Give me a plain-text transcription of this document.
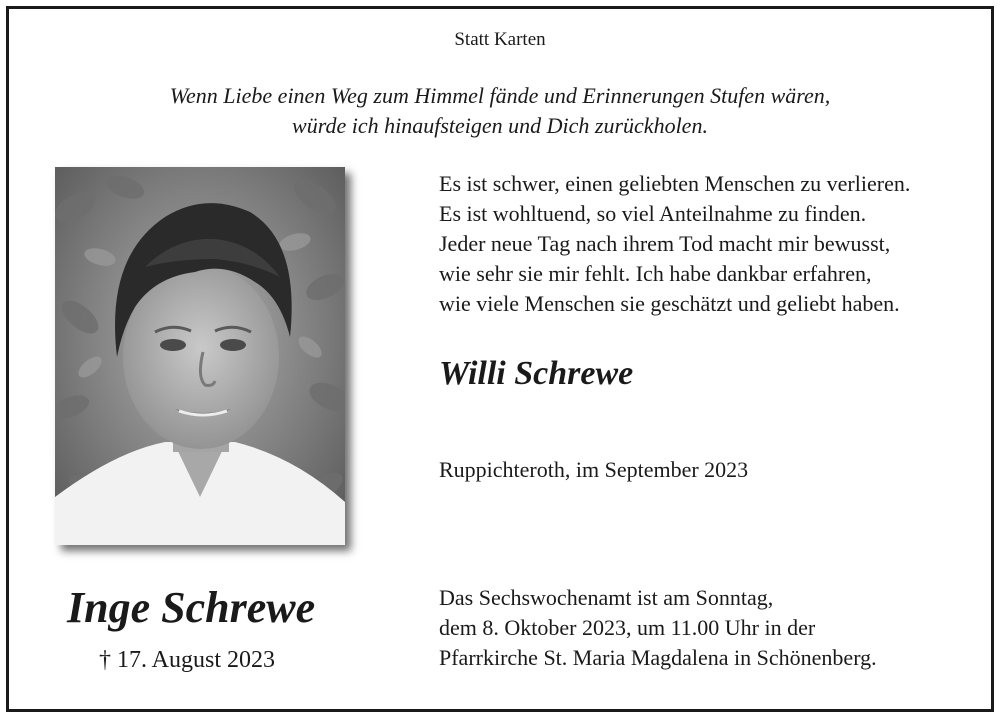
Statt Karten
Wenn Liebe einen Weg zum Himmel fände und Erinnerungen Stufen wären,
würde ich hinaufsteigen und Dich zurückholen.
Es ist schwer, einen geliebten Menschen zu verlieren.
Es ist wohltuend, so viel Anteilnahme zu finden.
Jeder neue Tag nach ihrem Tod macht mir bewusst,
wie sehr sie mir fehlt. Ich habe dankbar erfahren,
wie viele Menschen sie geschätzt und geliebt haben.
Willi Schrewe
Ruppichteroth, im September 2023
Inge Schrewe
† 17. August 2023
Das Sechswochenamt ist am Sonntag,
dem 8. Oktober 2023, um 11.00 Uhr in der
Pfarrkirche St. Maria Magdalena in Schönenberg.
